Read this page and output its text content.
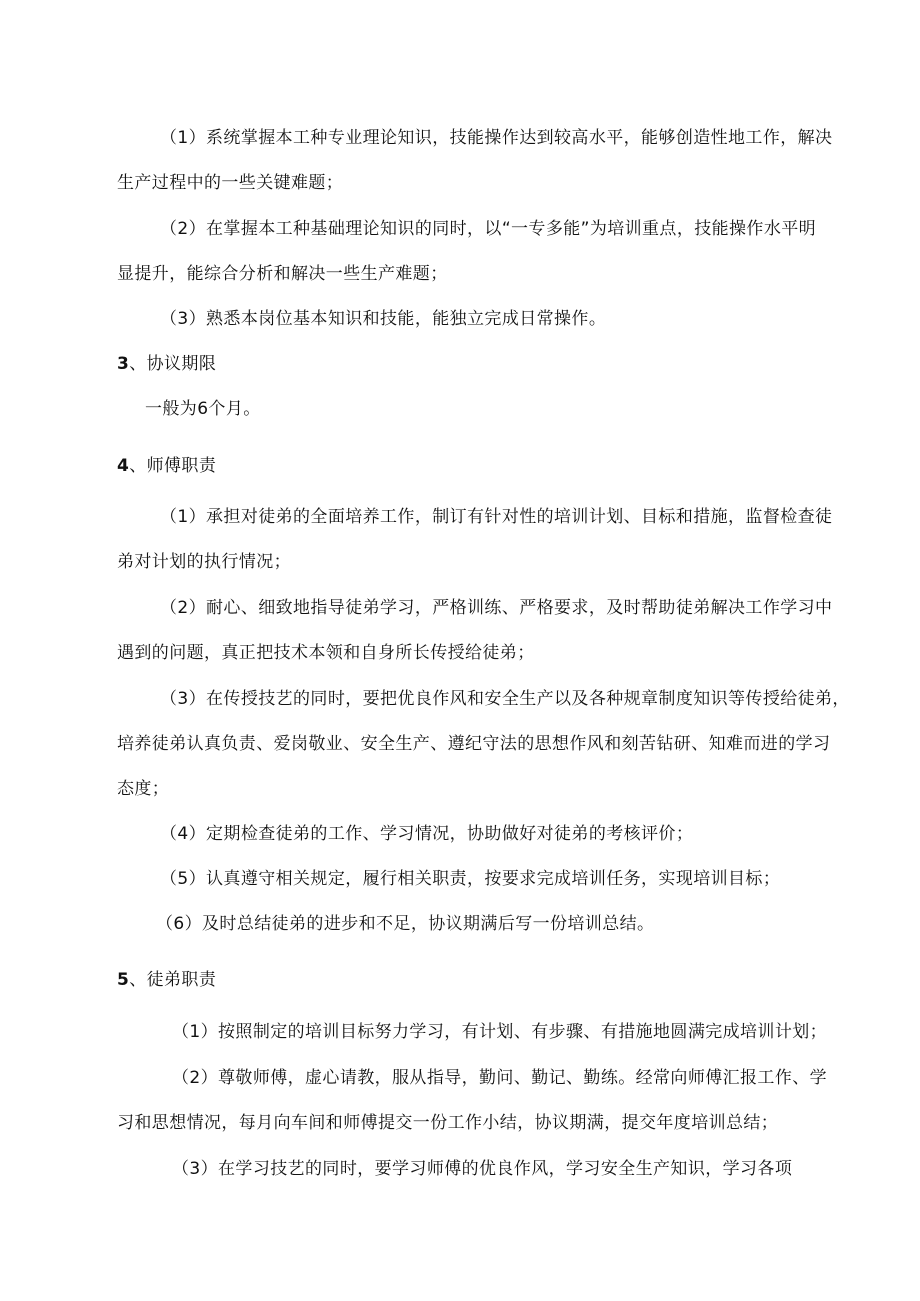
（1）系统掌握本工种专业理论知识，技能操作达到较高水平，能够创造性地工作，解决
生产过程中的一些关键难题；
（2）在掌握本工种基础理论知识的同时，以“一专多能”为培训重点，技能操作水平明
显提升，能综合分析和解决一些生产难题；
（3）熟悉本岗位基本知识和技能，能独立完成日常操作。
3、协议期限
一般为6个月。
4、师傅职责
（1）承担对徒弟的全面培养工作，制订有针对性的培训计划、目标和措施，监督检查徒
弟对计划的执行情况；
（2）耐心、细致地指导徒弟学习，严格训练、严格要求，及时帮助徒弟解决工作学习中
遇到的问题，真正把技术本领和自身所长传授给徒弟；
（3）在传授技艺的同时，要把优良作风和安全生产以及各种规章制度知识等传授给徒弟，
培养徒弟认真负责、爱岗敬业、安全生产、遵纪守法的思想作风和刻苦钻研、知难而进的学习
态度；
（4）定期检查徒弟的工作、学习情况，协助做好对徒弟的考核评价；
（5）认真遵守相关规定，履行相关职责，按要求完成培训任务，实现培训目标；
（6）及时总结徒弟的进步和不足，协议期满后写一份培训总结。
5、徒弟职责
（1）按照制定的培训目标努力学习，有计划、有步骤、有措施地圆满完成培训计划；
（2）尊敬师傅，虚心请教，服从指导，勤问、勤记、勤练。经常向师傅汇报工作、学
习和思想情况，每月向车间和师傅提交一份工作小结，协议期满，提交年度培训总结；
（3）在学习技艺的同时，要学习师傅的优良作风，学习安全生产知识，学习各项
